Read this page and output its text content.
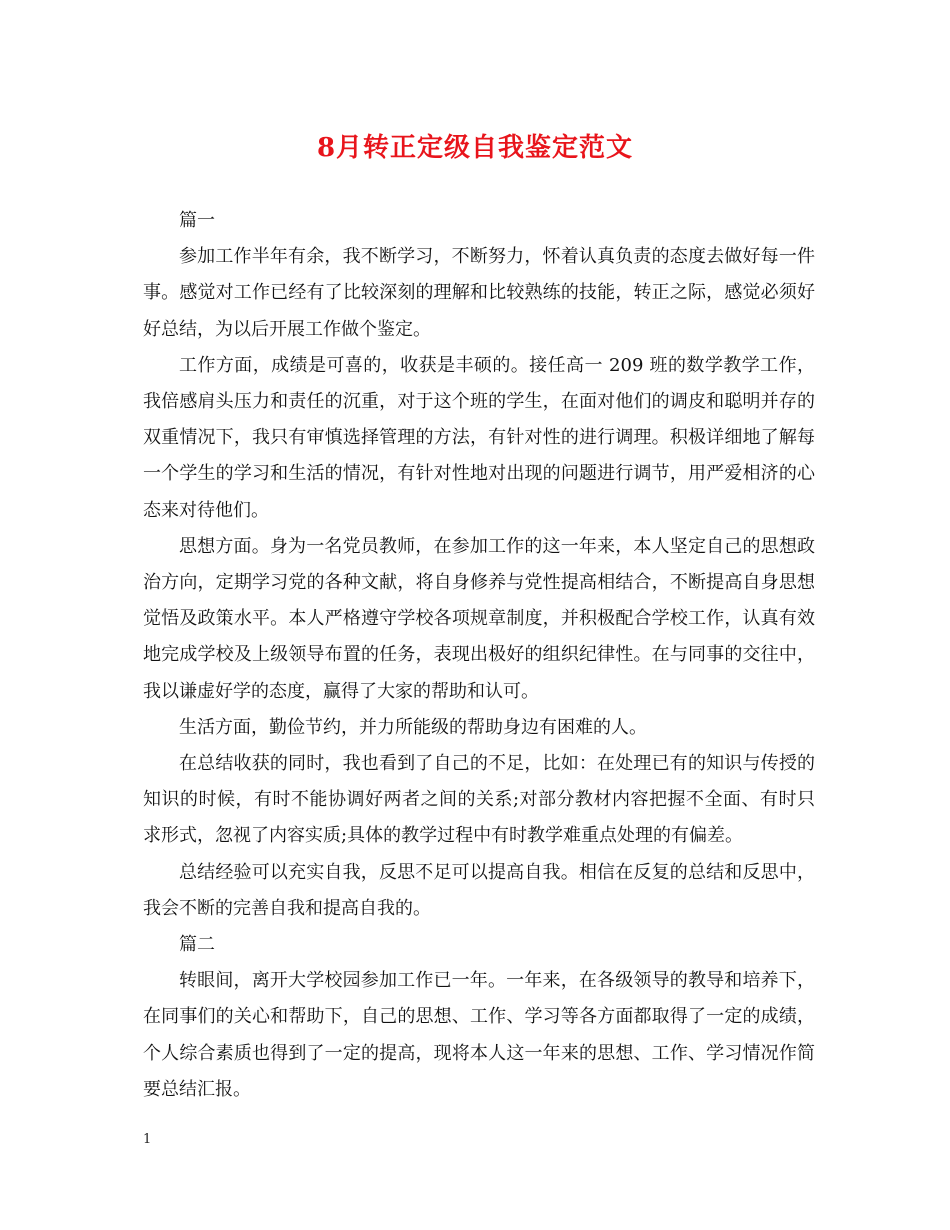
8月转正定级自我鉴定范文

篇一

参加工作半年有余，我不断学习，不断努力，怀着认真负责的态度去做好每一件事。感觉对工作已经有了比较深刻的理解和比较熟练的技能，转正之际，感觉必须好好总结，为以后开展工作做个鉴定。

工作方面，成绩是可喜的，收获是丰硕的。接任高一 209 班的数学教学工作，我倍感肩头压力和责任的沉重，对于这个班的学生，在面对他们的调皮和聪明并存的双重情况下，我只有审慎选择管理的方法，有针对性的进行调理。积极详细地了解每一个学生的学习和生活的情况，有针对性地对出现的问题进行调节，用严爱相济的心态来对待他们。

思想方面。身为一名党员教师，在参加工作的这一年来，本人坚定自己的思想政治方向，定期学习党的各种文献，将自身修养与党性提高相结合，不断提高自身思想觉悟及政策水平。本人严格遵守学校各项规章制度，并积极配合学校工作，认真有效地完成学校及上级领导布置的任务，表现出极好的组织纪律性。在与同事的交往中，我以谦虚好学的态度，赢得了大家的帮助和认可。

生活方面，勤俭节约，并力所能级的帮助身边有困难的人。

在总结收获的同时，我也看到了自己的不足，比如：在处理已有的知识与传授的知识的时候，有时不能协调好两者之间的关系;对部分教材内容把握不全面、有时只求形式，忽视了内容实质;具体的教学过程中有时教学难重点处理的有偏差。

总结经验可以充实自我，反思不足可以提高自我。相信在反复的总结和反思中，我会不断的完善自我和提高自我的。

篇二

转眼间，离开大学校园参加工作已一年。一年来，在各级领导的教导和培养下，在同事们的关心和帮助下，自己的思想、工作、学习等各方面都取得了一定的成绩，个人综合素质也得到了一定的提高，现将本人这一年来的思想、工作、学习情况作简要总结汇报。

1
